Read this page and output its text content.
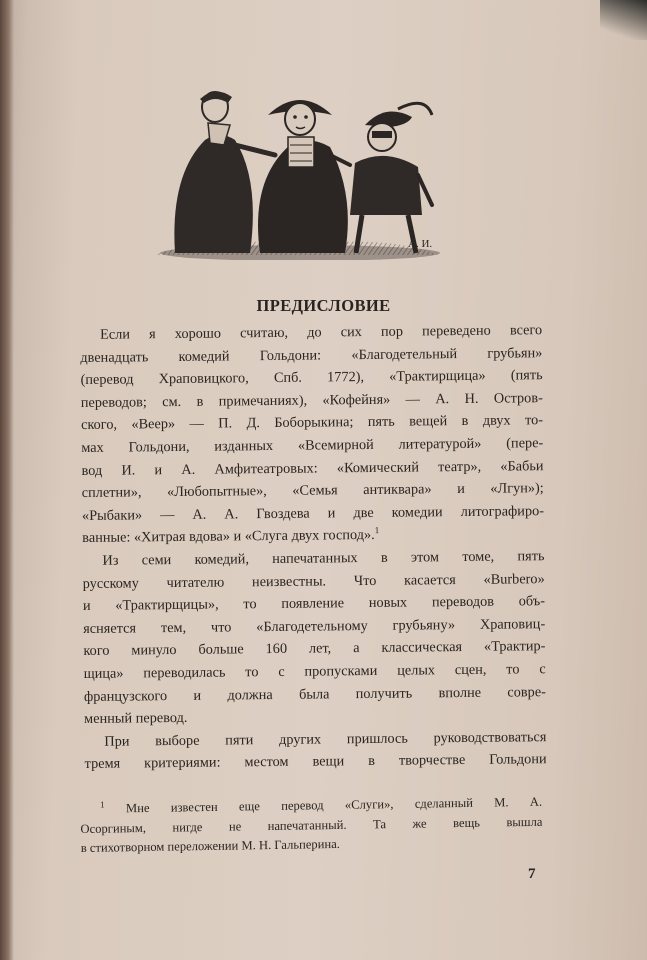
А. И.
ПРЕДИСЛОВИЕ
Если я хорошо считаю, до сих пор переведено всего
двенадцать комедий Гольдони: «Благодетельный грубьян»
(перевод Храповицкого, Спб. 1772), «Трактирщица» (пять
переводов; см. в примечаниях), «Кофейня» — А. Н. Остров-
ского, «Веер» — П. Д. Боборыкина; пять вещей в двух то-
мах Гольдони, изданных «Всемирной литературой» (пере-
вод И. и А. Амфитеатровых: «Комический театр», «Бабьи
сплетни», «Любопытные», «Семья антиквара» и «Лгун»);
«Рыбаки» — А. А. Гвоздева и две комедии литографиро-
ванные: «Хитрая вдова» и «Слуга двух господ».$^1$
Из семи комедий, напечатанных в этом томе, пять
русскому читателю неизвестны. Что касается «Burbero»
и «Трактирщицы», то появление новых переводов объ-
ясняется тем, что «Благодетельному грубьяну» Храповиц-
кого минуло больше 160 лет, а классическая «Трактир-
щица» переводилась то с пропусками целых сцен, то с
французского и должна была получить вполне совре-
менный перевод.
При выборе пяти других пришлось руководствоваться
тремя критериями: местом вещи в творчестве Гольдони
$^1$ Мне известен еще перевод «Слуги», сделанный М. А.
Осоргиным, нигде не напечатанный. Та же вещь вышла
в стихотворном переложении М. Н. Гальперина.
7
